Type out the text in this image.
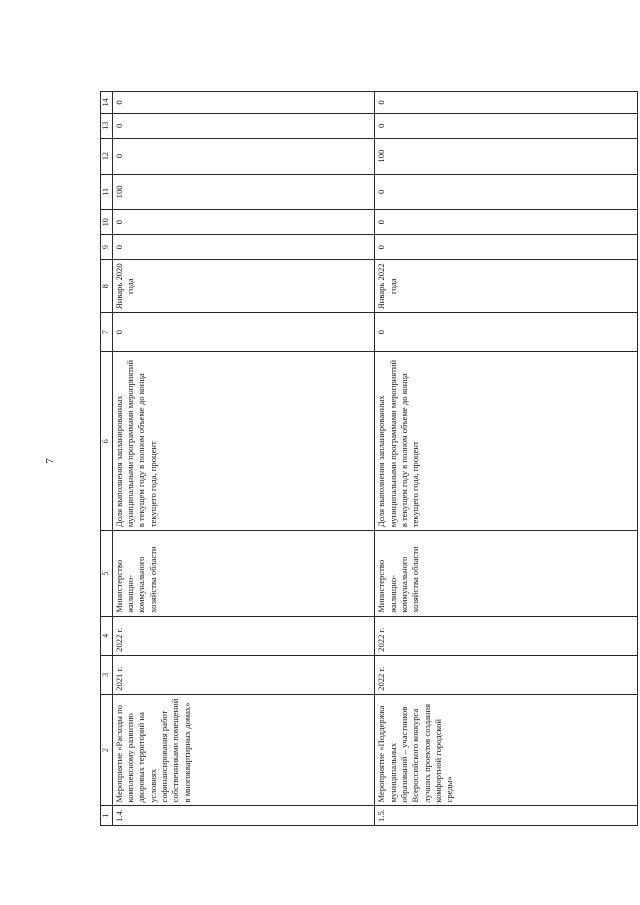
7
1	2	3	4	5	6	7	8	9	10	11	12	13	14
1.4.	Мероприятие «Расходы по комплексному развитию дворовых территорий на условиях софинансирования работ собственниками помещений в многоквартирных домах»	2021 г.	2022 г.	Министерство жилищно-коммунального хозяйства области	Доля выполнения запланированных муниципальными программами мероприятий в текущем году в полном объеме до конца текущего года, процент	0	Январь 2020 года	0	0	100	0	0	0
1.5.	Мероприятие «Поддержка муниципальных образований – участников Всероссийского конкурса лучших проектов создания комфортной городской среды»	2022 г.	2022 г.	Министерство жилищно-коммунального хозяйства области	Доля выполнения запланированных муниципальными программами мероприятий в текущем году в полном объеме до конца текущего года, процент	0	Январь 2022 года	0	0	0	100	0	0
